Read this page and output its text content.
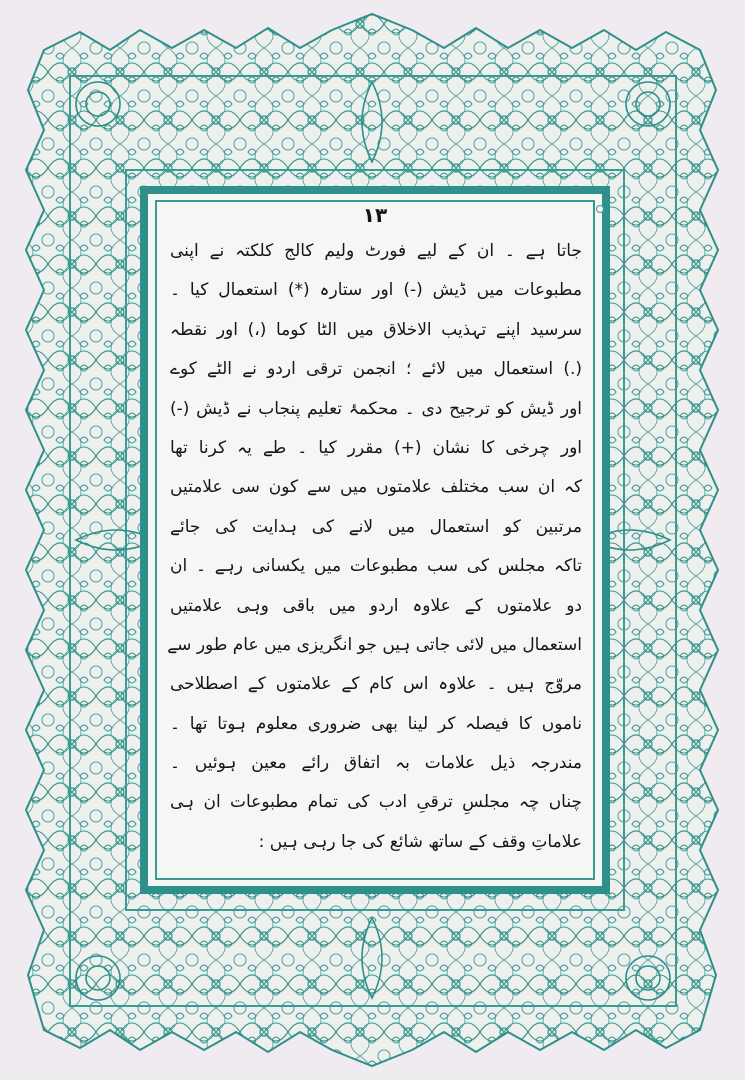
۱۳
جاتا ہے ۔ ان کے لیے فورٹ ولیم کالج کلکتہ نے اپنی
مطبوعات میں ڈیش (-) اور ستارہ (*) استعمال کیا ۔
سرسید اپنے تہذیب الاخلاق میں الٹا کوما (،) اور نقطہ
(.) استعمال میں لائے ؛ انجمن ترقی اردو نے الٹے کوے
اور ڈیش کو ترجیح دی ۔ محکمۂ تعلیم پنجاب نے ڈیش (-)
اور چرخی کا نشان (+) مقرر کیا ۔ طے یہ کرنا تھا
کہ ان سب مختلف علامتوں میں سے کون سی علامتیں
مرتبین کو استعمال میں لانے کی ہدایت کی جائے
تاکہ مجلس کی سب مطبوعات میں یکسانی رہے ۔ ان
دو علامتوں کے علاوہ اردو میں باقی وہی علامتیں
استعمال میں لائی جاتی ہیں جو انگریزی میں عام طور سے
مروّج ہیں ۔ علاوہ اس کام کے علامتوں کے اصطلاحی
ناموں کا فیصلہ کر لینا بھی ضروری معلوم ہوتا تھا ۔
مندرجہ ذیل علامات بہ اتفاق رائے معین ہوئیں ۔
چناں چہ مجلسِ ترقیِ ادب کی تمام مطبوعات ان ہی
علاماتِ وقف کے ساتھ شائع کی جا رہی ہیں :
